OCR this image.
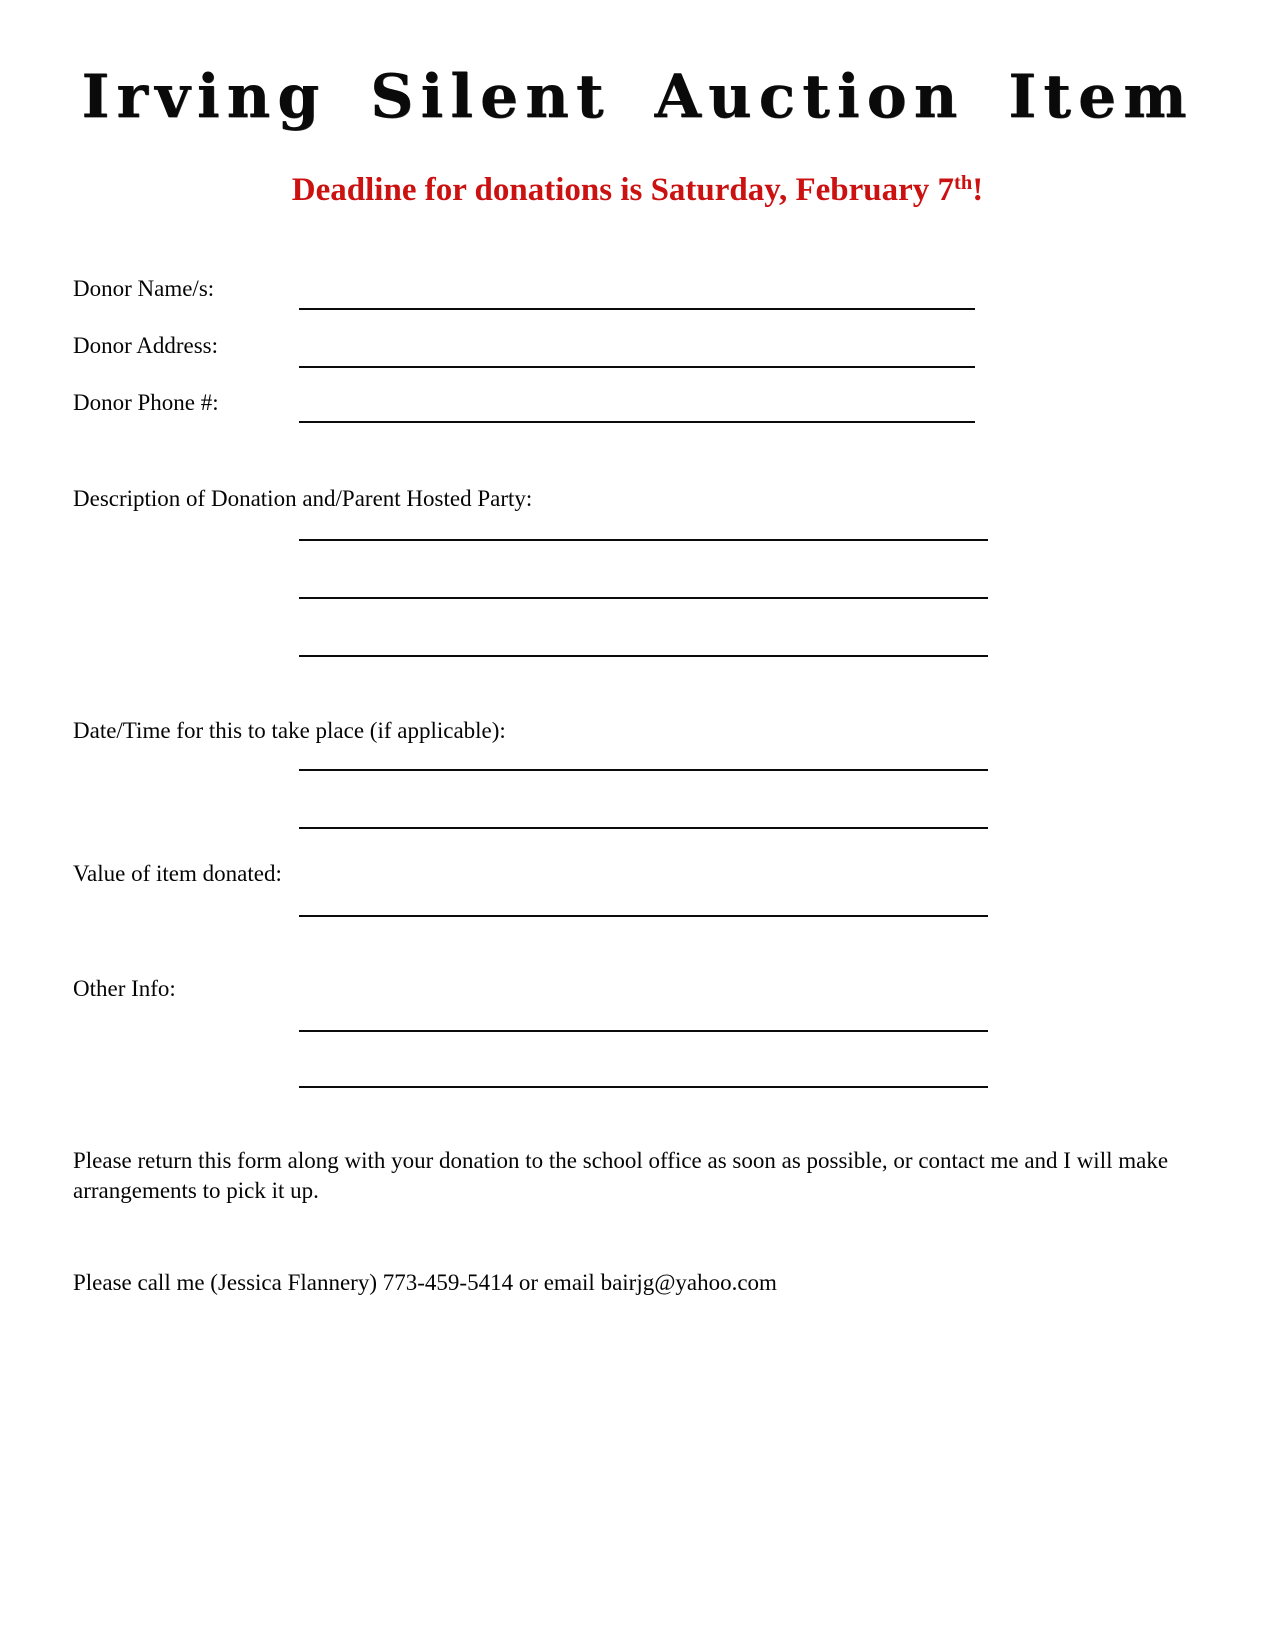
Irving Silent Auction Item
Deadline for donations is Saturday, February 7th!
Donor Name/s:
Donor Address:
Donor Phone #:
Description of Donation and/Parent Hosted Party:
Date/Time for this to take place (if applicable):
Value of item donated:
Other Info:
Please return this form along with your donation to the school office as soon as possible, or contact me and I will make arrangements to pick it up.
Please call me (Jessica Flannery) 773-459-5414 or email bairjg@yahoo.com
